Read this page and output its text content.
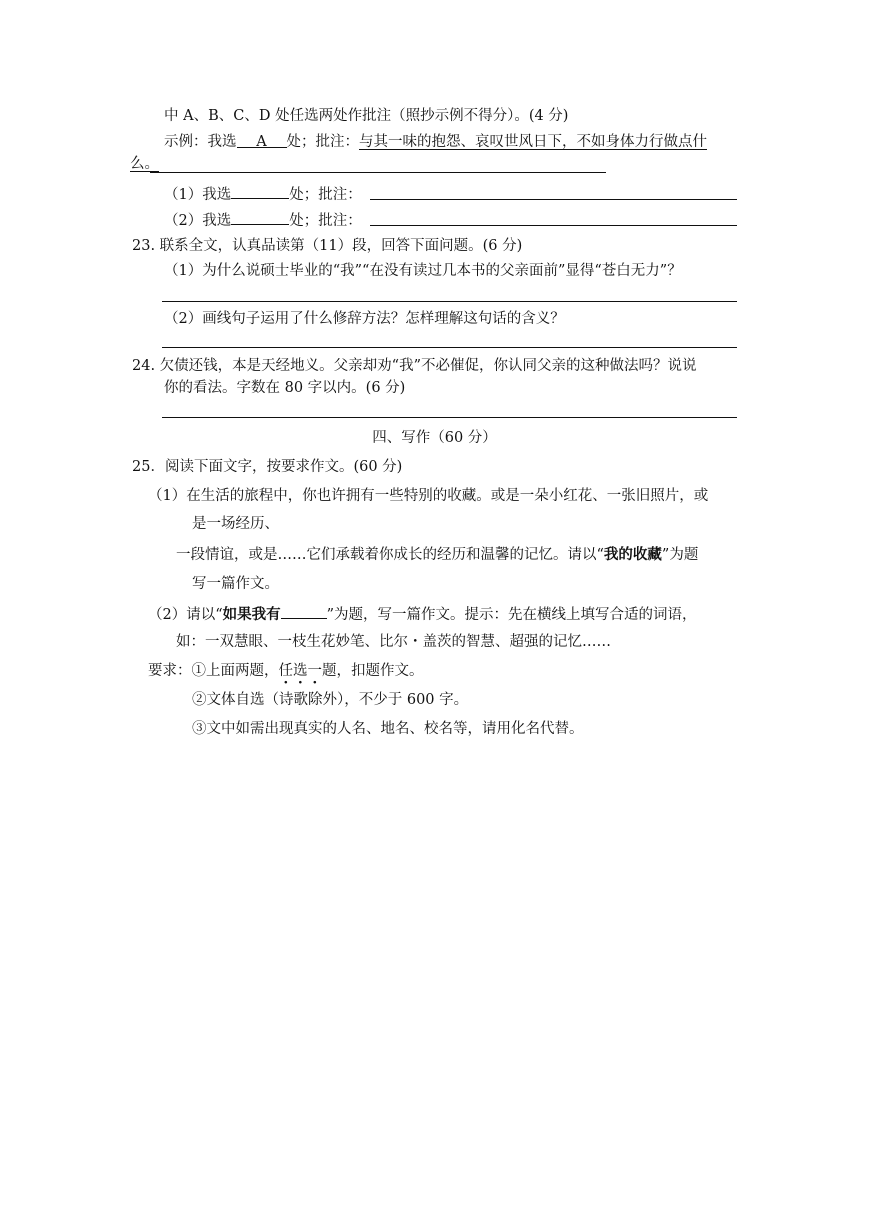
中 A、B、C、D 处任选两处作批注（照抄示例不得分）。(4 分)
示例：我选 A 处；批注：与其一味的抱怨、哀叹世风日下，不如身体力行做点什
么。
（1）我选	处；批注：
（2）我选	处；批注：
23. 联系全文，认真品读第（11）段，回答下面问题。(6 分)
（1）为什么说硕士毕业的“我”“在没有读过几本书的父亲面前”显得“苍白无力”？
（2）画线句子运用了什么修辞方法？怎样理解这句话的含义？
24. 欠债还钱，本是天经地义。父亲却劝“我”不必催促，你认同父亲的这种做法吗？说说
你的看法。字数在 80 字以内。(6 分)
四、写作（60 分）
25．阅读下面文字，按要求作文。(60 分)
（1）在生活的旅程中，你也许拥有一些特别的收藏。或是一朵小红花、一张旧照片，或
是一场经历、
一段情谊，或是……它们承载着你成长的经历和温馨的记忆。请以“我的收藏”为题
写一篇作文。
（2）请以“如果我有	”为题，写一篇作文。提示：先在横线上填写合适的词语，
如：一双慧眼、一枝生花妙笔、比尔・盖茨的智慧、超强的记忆……
要求：①上面两题，任选一题，扣题作文。
②文体自选（诗歌除外），不少于 600 字。
③文中如需出现真实的人名、地名、校名等，请用化名代替。
